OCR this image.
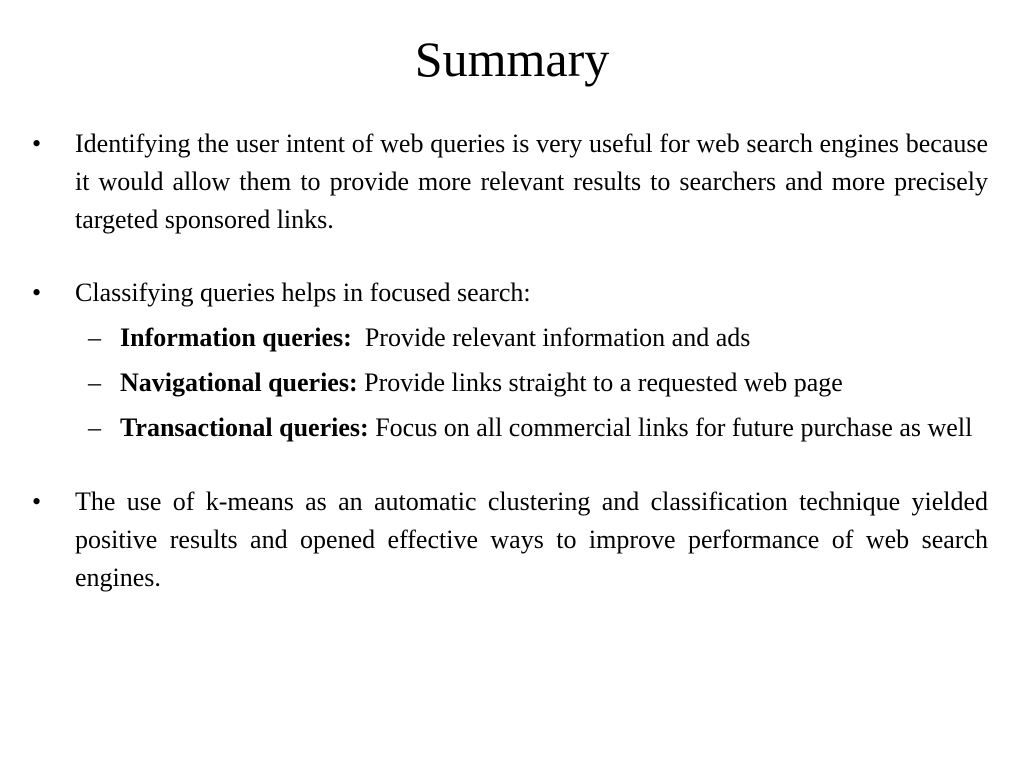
Summary
•	Identifying the user intent of web queries is very useful for web search engines because it would allow them to provide more relevant results to searchers and more precisely targeted sponsored links.
•	Classifying queries helps in focused search:
– Information queries:  Provide relevant information and ads
– Navigational queries: Provide links straight to a requested web page
– Transactional queries: Focus on all commercial links for future purchase as well
•	The use of k-means as an automatic clustering and classification technique yielded positive results and opened effective ways to improve performance of web search engines.
